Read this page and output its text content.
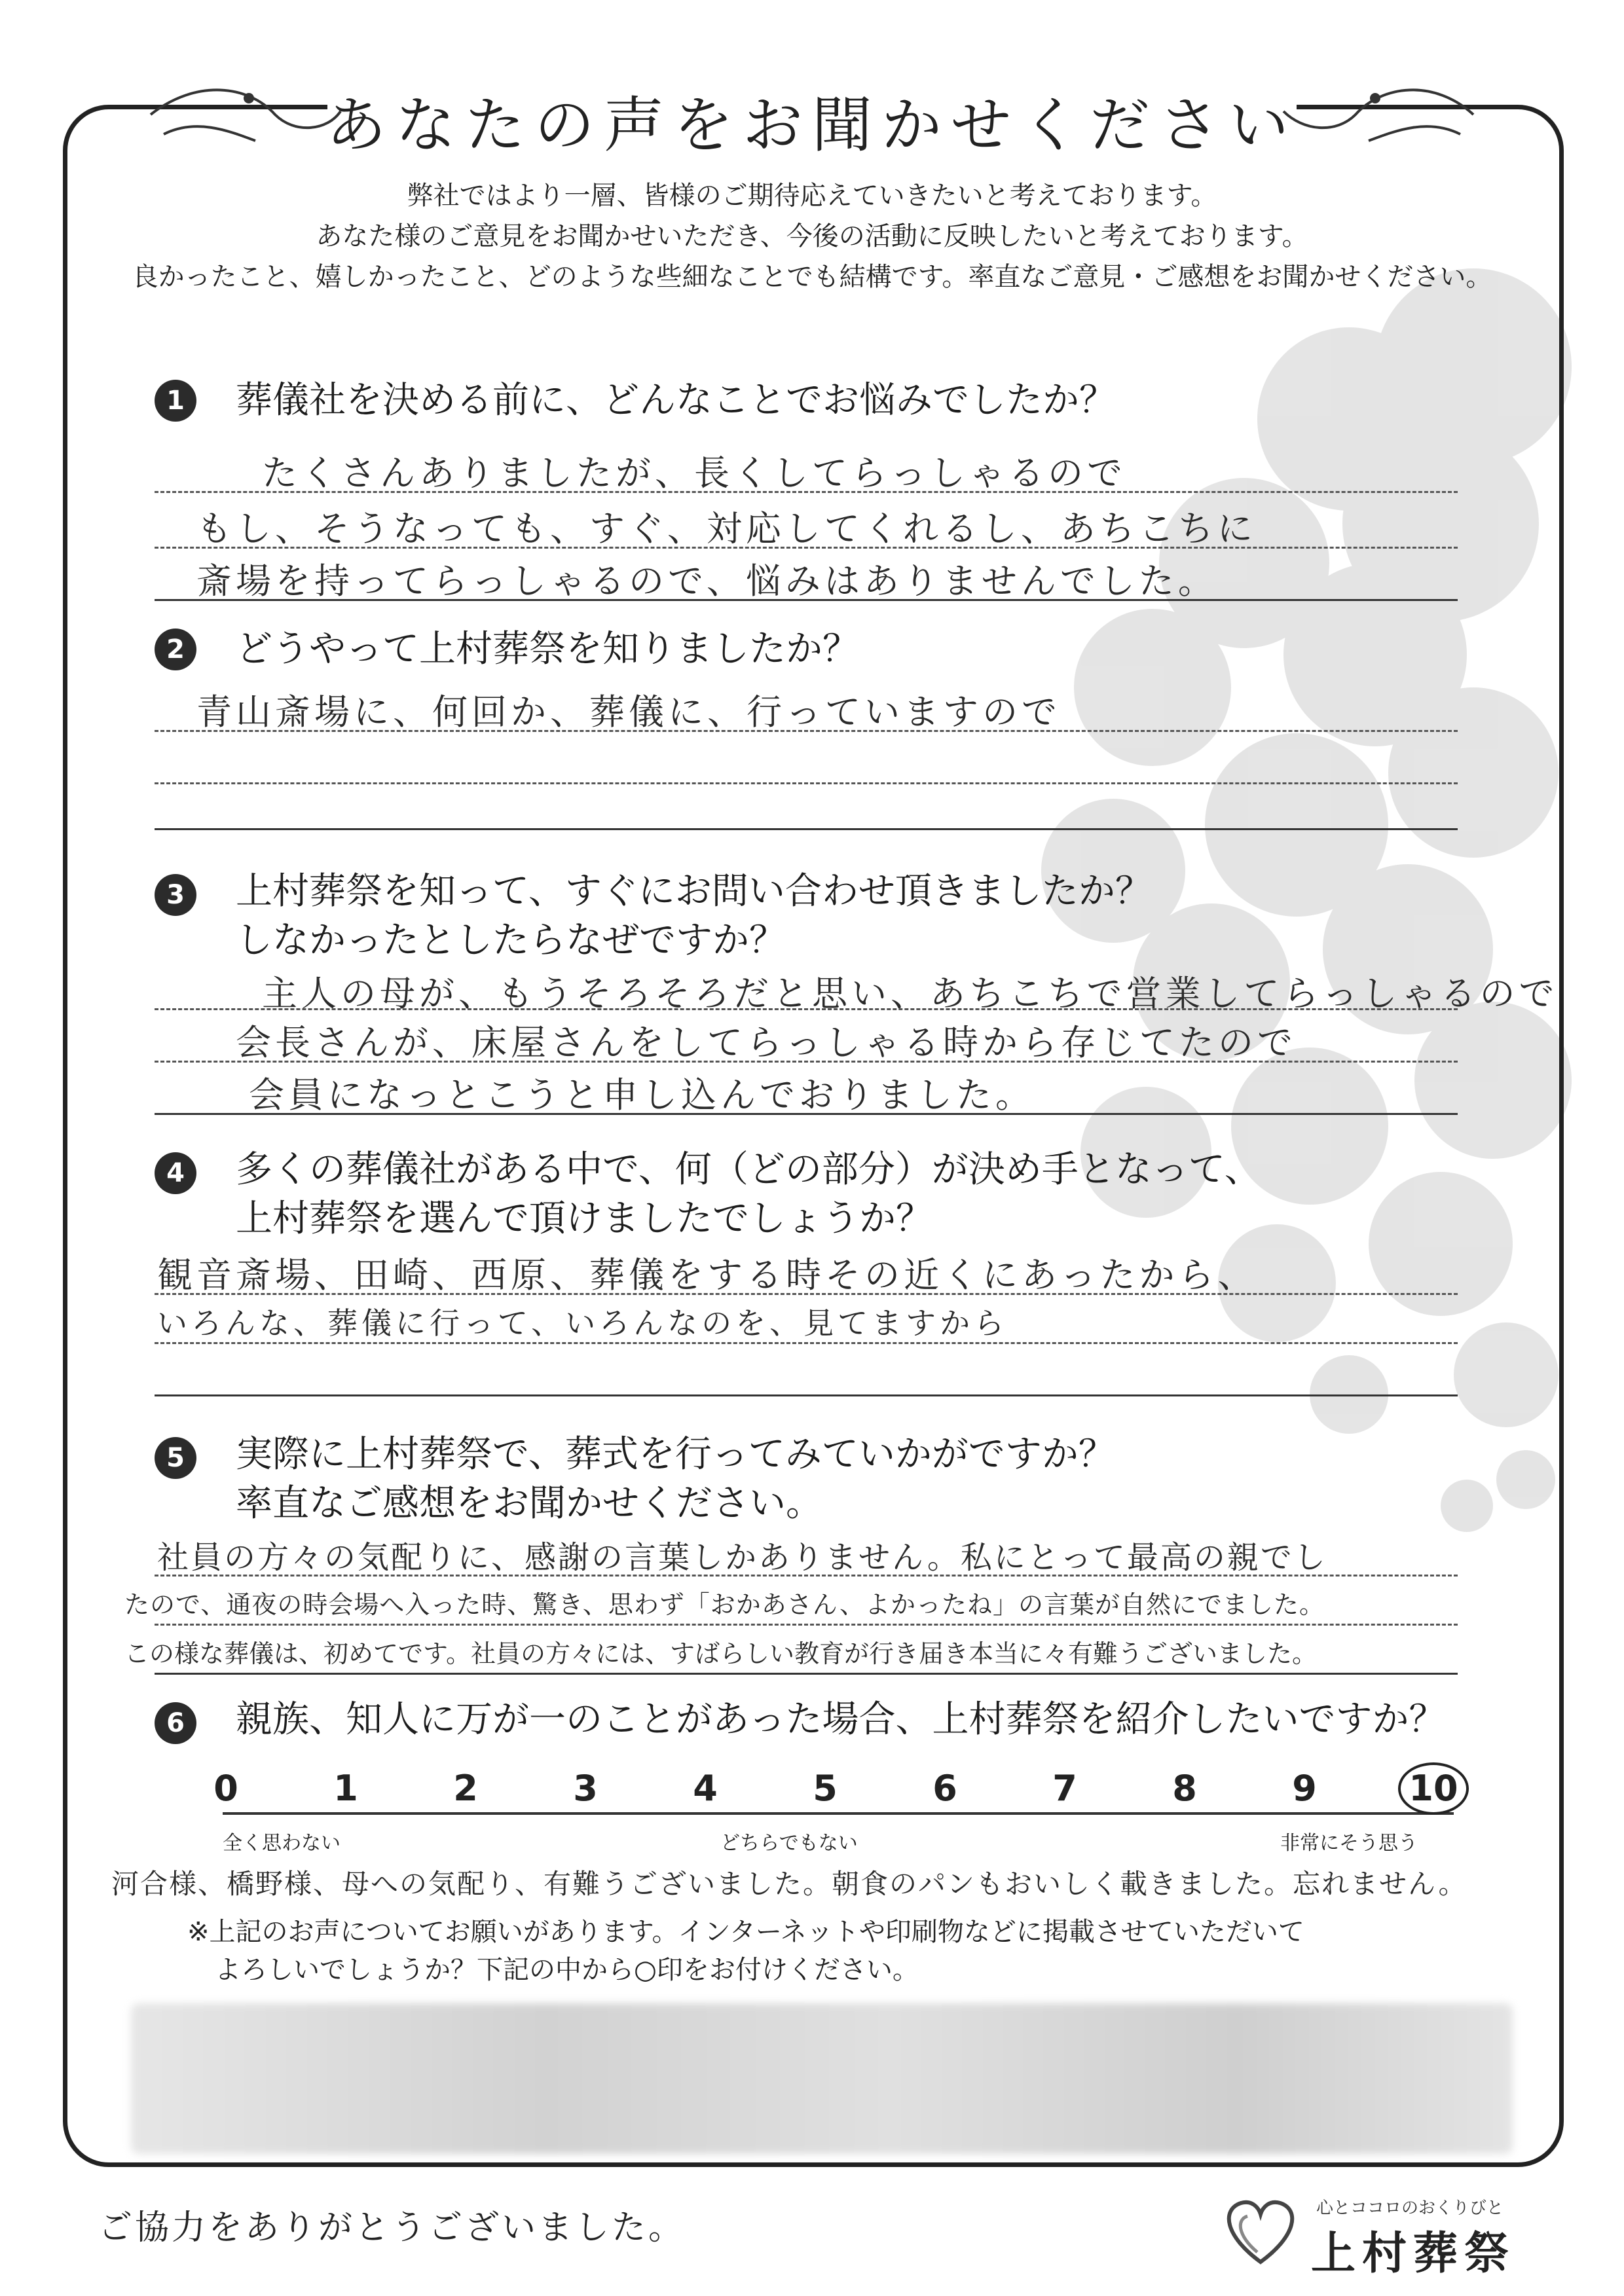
あなたの声をお聞かせください
弊社ではより一層、皆様のご期待応えていきたいと考えております。
あなた様のご意見をお聞かせいただき、今後の活動に反映したいと考えております。
良かったこと、嬉しかったこと、どのような些細なことでも結構です。率直なご意見・ご感想をお聞かせください。
1	葬儀社を決める前に、どんなことでお悩みでしたか？
たくさんありましたが、長くしてらっしゃるので
もし、そうなっても、すぐ、対応してくれるし、あちこちに
斎場を持ってらっしゃるので、悩みはありませんでした。
2	どうやって上村葬祭を知りましたか？
青山斎場に、何回か、葬儀に、行っていますので
3	上村葬祭を知って、すぐにお問い合わせ頂きましたか？
しなかったとしたらなぜですか？
主人の母が、もうそろそろだと思い、あちこちで営業してらっしゃるので
会長さんが、床屋さんをしてらっしゃる時から存じてたので
会員になっとこうと申し込んでおりました。
4	多くの葬儀社がある中で、何（どの部分）が決め手となって、
上村葬祭を選んで頂けましたでしょうか？
観音斎場、田崎、西原、葬儀をする時その近くにあったから、
いろんな、葬儀に行って、いろんなのを、見てますから
5	実際に上村葬祭で、葬式を行ってみていかがですか？
率直なご感想をお聞かせください。
社員の方々の気配りに、感謝の言葉しかありません。私にとって最高の親でし
たので、通夜の時会場へ入った時、驚き、思わず「おかあさん、よかったね」の言葉が自然にでました。
この様な葬儀は、初めてです。社員の方々には、すばらしい教育が行き届き本当に々有難うございました。
6	親族、知人に万が一のことがあった場合、上村葬祭を紹介したいですか？
0	1	2	3	4	5	6	7	8	9	10
全く思わない	どちらでもない	非常にそう思う
河合様、橋野様、母への気配り、有難うございました。朝食のパンもおいしく載きました。忘れません。
※上記のお声についてお願いがあります。インターネットや印刷物などに掲載させていただいて
よろしいでしょうか？下記の中から○印をお付けください。
ご協力をありがとうございました。	心とココロのおくりびと
上村葬祭
